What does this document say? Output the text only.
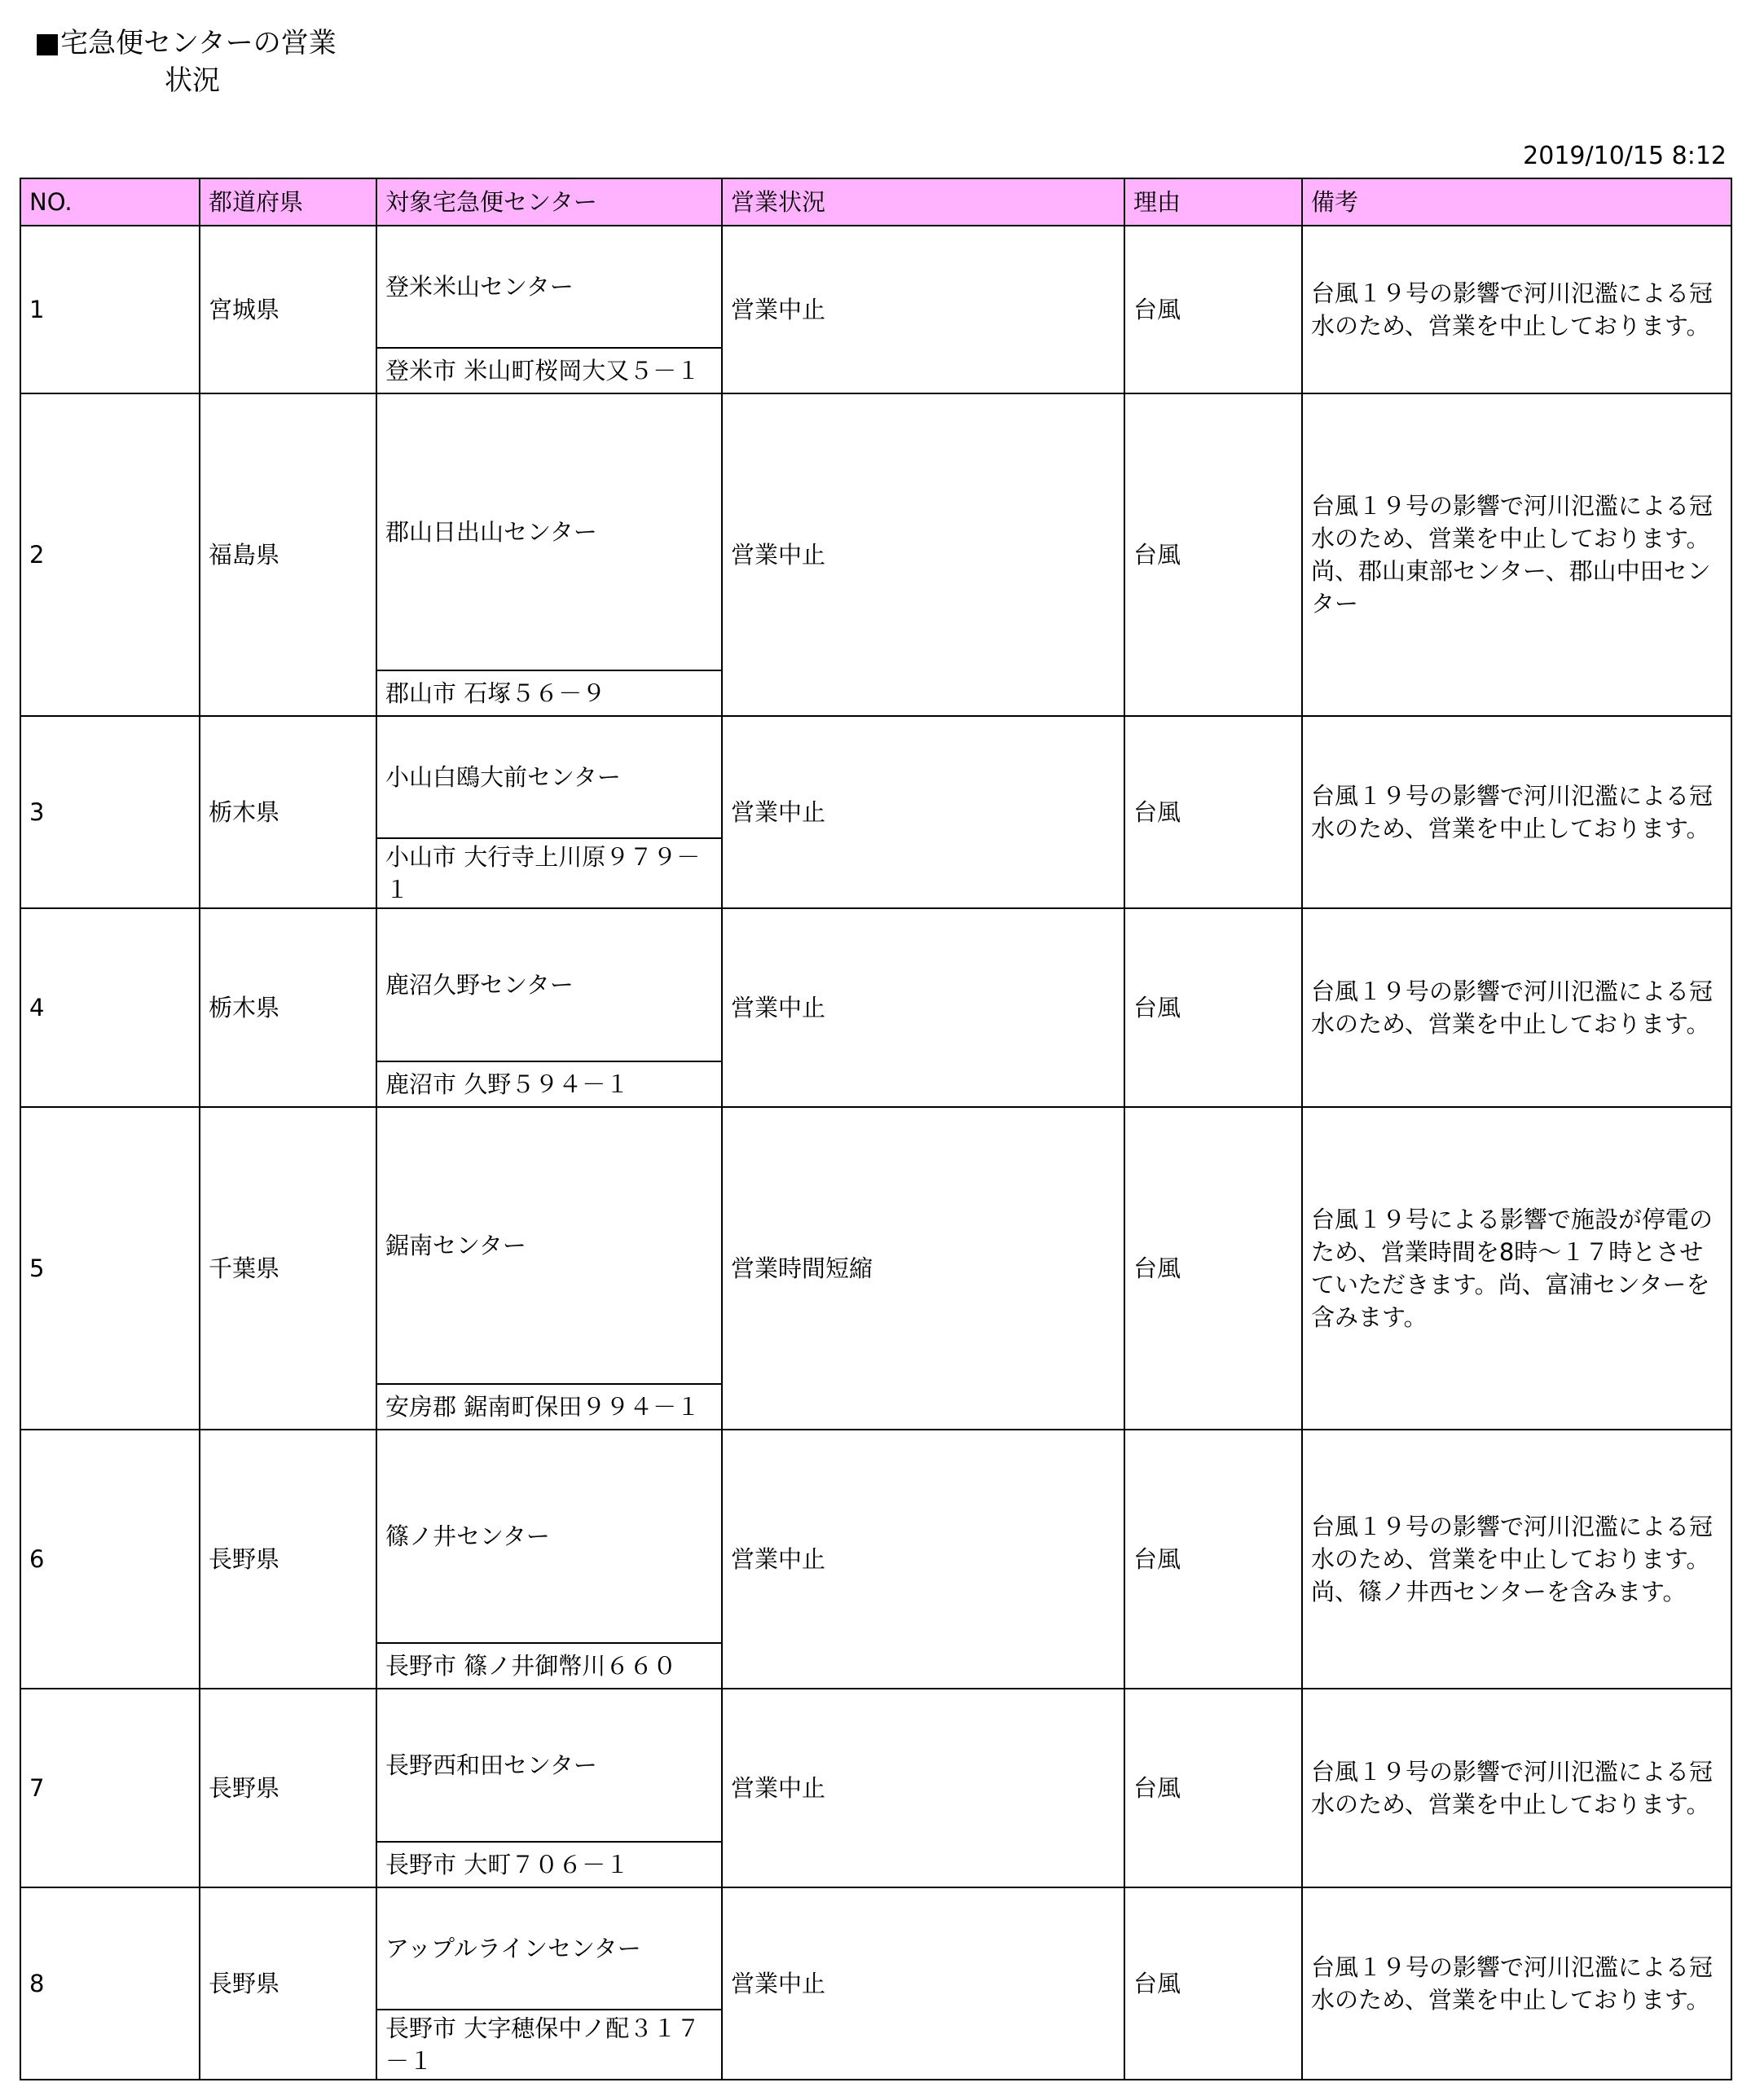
■宅急便センターの営業
状況
2019/10/15 8:12
NO.	都道府県	対象宅急便センター	営業状況	理由	備考
1	宮城県	登米米山センター	営業中止	台風	台風１９号の影響で河川氾濫による冠水のため、営業を中止しております。
		登米市 米山町桜岡大又５－１			
2	福島県	郡山日出山センター	営業中止	台風	台風１９号の影響で河川氾濫による冠水のため、営業を中止しております。尚、郡山東部センター、郡山中田センター
		郡山市 石塚５６－９			
3	栃木県	小山白鴎大前センター	営業中止	台風	台風１９号の影響で河川氾濫による冠水のため、営業を中止しております。
		小山市 大行寺上川原９７９－１			
4	栃木県	鹿沼久野センター	営業中止	台風	台風１９号の影響で河川氾濫による冠水のため、営業を中止しております。
		鹿沼市 久野５９４－１			
5	千葉県	鋸南センター	営業時間短縮	台風	台風１９号による影響で施設が停電のため、営業時間を8時～１７時とさせていただきます。尚、富浦センターを含みます。
		安房郡 鋸南町保田９９４－１			
6	長野県	篠ノ井センター	営業中止	台風	台風１９号の影響で河川氾濫による冠水のため、営業を中止しております。尚、篠ノ井西センターを含みます。
		長野市 篠ノ井御幣川６６０			
7	長野県	長野西和田センター	営業中止	台風	台風１９号の影響で河川氾濫による冠水のため、営業を中止しております。
		長野市 大町７０６－１			
8	長野県	アップルラインセンター	営業中止	台風	台風１９号の影響で河川氾濫による冠水のため、営業を中止しております。
		長野市 大字穂保中ノ配３１７－１			
